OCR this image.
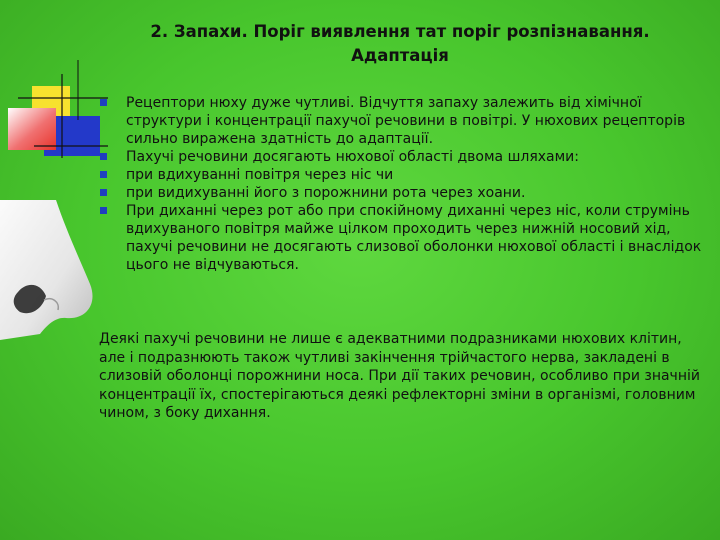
2. Запахи. Поріг виявлення тат поріг розпізнавання.
Адаптація
Рецептори нюху дуже чутливі. Відчуття запаху залежить від хімічної структури і концентрації пахучої речовини в повітрі. У нюхових рецепторів сильно виражена здатність до адаптації.
Пахучі речовини досягають нюхової області двома шляхами:
при вдихуванні повітря через ніс чи
при видихуванні його з порожнини рота через хоани.
При диханні через рот або при спокійному диханні через ніс, коли струмінь вдихуваного повітря майже цілком проходить через нижній носовий хід, пахучі речовини не досягають слизової оболонки нюхової області і внаслідок цього не відчуваються.
Деякі пахучі речовини не лише є адекватними подразниками нюхових клітин, але і подразнюють також чутливі закінчення трійчастого нерва, закладені в слизовій оболонці порожнини носа. При дії таких речовин, особливо при значній концентрації їх, спостерігаються деякі рефлекторні зміни в організмі, головним чином, з боку дихання.
